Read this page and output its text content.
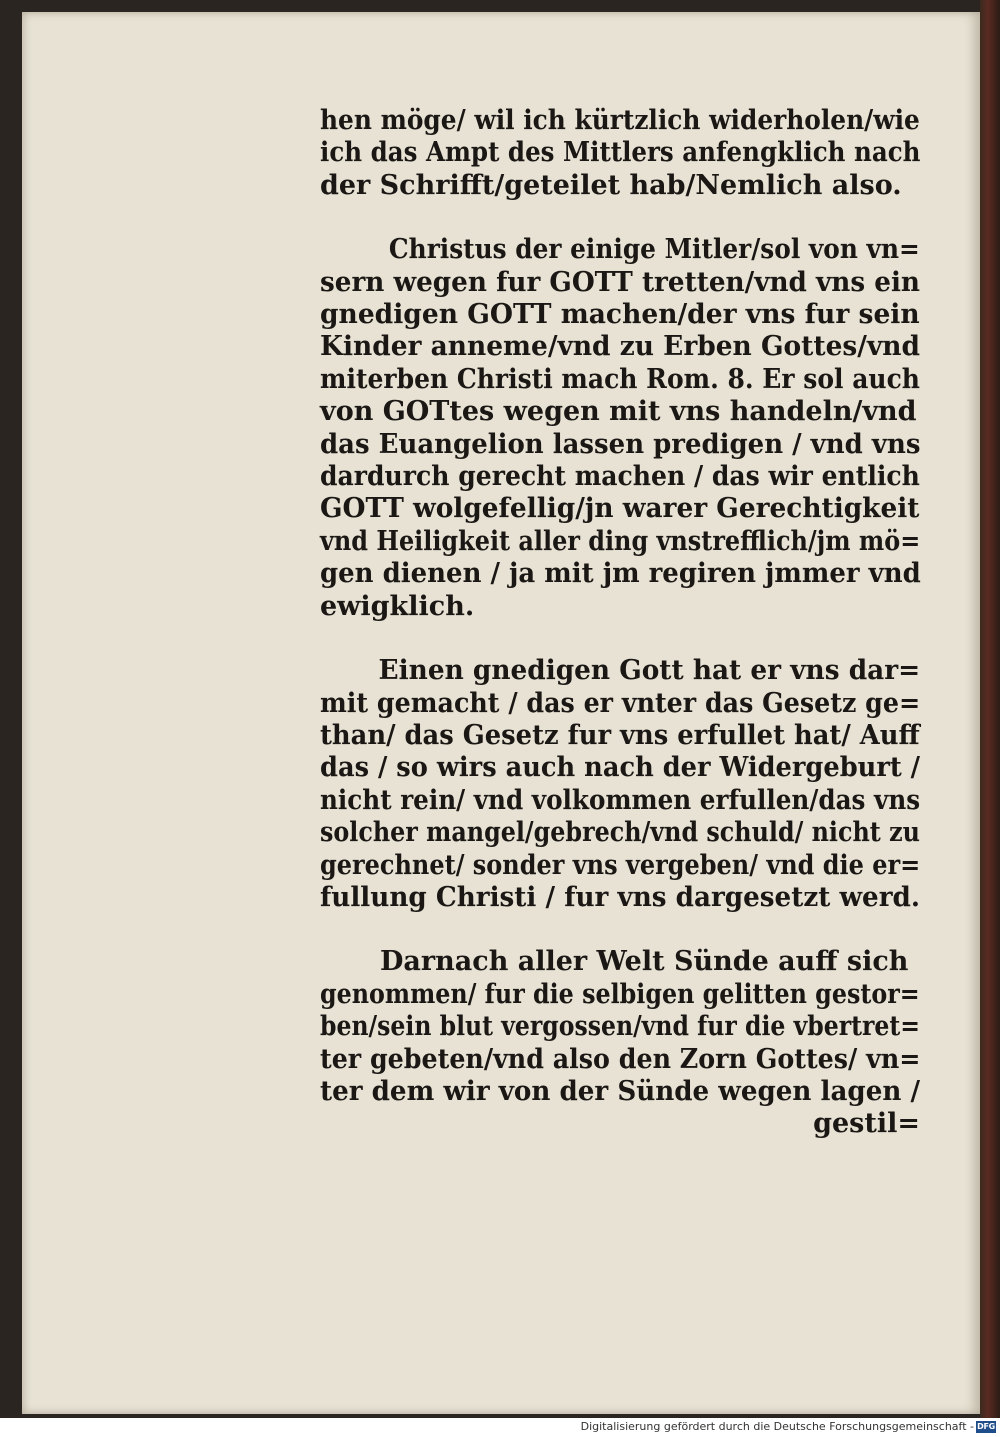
hen möge/ wil ich kürtzlich widerholen/wie
ich das Ampt des Mittlers anfengklich nach
der Schrifft/geteilet hab/Nemlich also.

Christus der einige Mitler/sol von vn=
sern wegen fur GOTT tretten/vnd vns ein
gnedigen GOTT machen/der vns fur sein
Kinder anneme/vnd zu Erben Gottes/vnd
miterben Christi mach Rom. 8. Er sol auch
von GOTtes wegen mit vns handeln/vnd
das Euangelion lassen predigen / vnd vns
dardurch gerecht machen / das wir entlich
GOTT wolgefellig/jn warer Gerechtigkeit
vnd Heiligkeit aller ding vnstrefflich/jm mö=
gen dienen / ja mit jm regiren jmmer vnd
ewigklich.

Einen gnedigen Gott hat er vns dar=
mit gemacht / das er vnter das Gesetz ge=
than/ das Gesetz fur vns erfullet hat/ Auff
das / so wirs auch nach der Widergeburt /
nicht rein/ vnd volkommen erfullen/das vns
solcher mangel/gebrech/vnd schuld/ nicht zu
gerechnet/ sonder vns vergeben/ vnd die er=
fullung Christi / fur vns dargesetzt werd.

Darnach aller Welt Sünde auff sich
genommen/ fur die selbigen gelitten gestor=
ben/sein blut vergossen/vnd fur die vbertret=
ter gebeten/vnd also den Zorn Gottes/ vn=
ter dem wir von der Sünde wegen lagen /

gestil=
Digitalisierung gefördert durch die Deutsche Forschungsgemeinschaft - DFG
